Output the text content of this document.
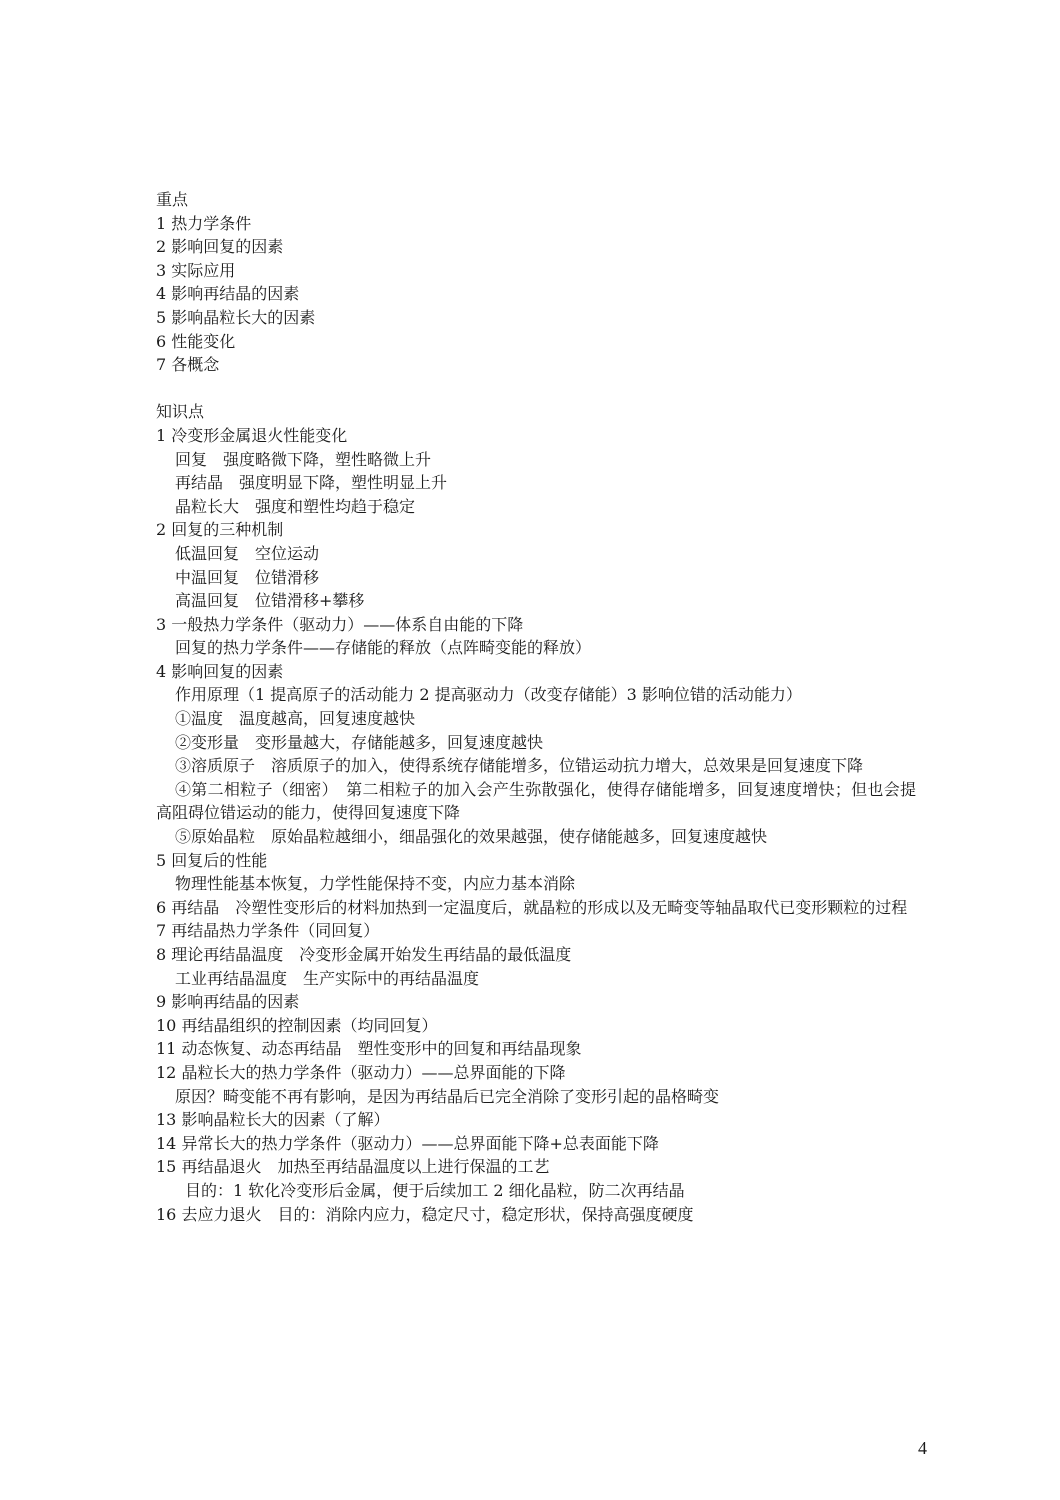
重点
1 热力学条件
2 影响回复的因素
3 实际应用
4 影响再结晶的因素
5 影响晶粒长大的因素
6 性能变化
7 各概念
知识点
1 冷变形金属退火性能变化
回复　强度略微下降，塑性略微上升
再结晶　强度明显下降，塑性明显上升
晶粒长大　强度和塑性均趋于稳定
2 回复的三种机制
低温回复　空位运动
中温回复　位错滑移
高温回复　位错滑移+攀移
3 一般热力学条件（驱动力）——体系自由能的下降
回复的热力学条件——存储能的释放（点阵畸变能的释放）
4 影响回复的因素
作用原理（1 提高原子的活动能力 2 提高驱动力（改变存储能）3 影响位错的活动能力）
①温度　温度越高，回复速度越快
②变形量　变形量越大，存储能越多，回复速度越快
③溶质原子　溶质原子的加入，使得系统存储能增多，位错运动抗力增大，总效果是回复速度下降
④第二相粒子（细密）　第二相粒子的加入会产生弥散强化，使得存储能增多，回复速度增快；但也会提高阻碍位错运动的能力，使得回复速度下降
⑤原始晶粒　原始晶粒越细小，细晶强化的效果越强，使存储能越多，回复速度越快
5 回复后的性能
物理性能基本恢复，力学性能保持不变，内应力基本消除
6 再结晶　冷塑性变形后的材料加热到一定温度后，就晶粒的形成以及无畸变等轴晶取代已变形颗粒的过程
7 再结晶热力学条件（同回复）
8 理论再结晶温度　冷变形金属开始发生再结晶的最低温度
工业再结晶温度　生产实际中的再结晶温度
9 影响再结晶的因素
10 再结晶组织的控制因素（均同回复）
11 动态恢复、动态再结晶　塑性变形中的回复和再结晶现象
12 晶粒长大的热力学条件（驱动力）——总界面能的下降
原因？畸变能不再有影响，是因为再结晶后已完全消除了变形引起的晶格畸变
13 影响晶粒长大的因素（了解）
14 异常长大的热力学条件（驱动力）——总界面能下降+总表面能下降
15 再结晶退火　加热至再结晶温度以上进行保温的工艺
目的：1 软化冷变形后金属，便于后续加工 2 细化晶粒，防二次再结晶
16 去应力退火　目的：消除内应力，稳定尺寸，稳定形状，保持高强度硬度
4
